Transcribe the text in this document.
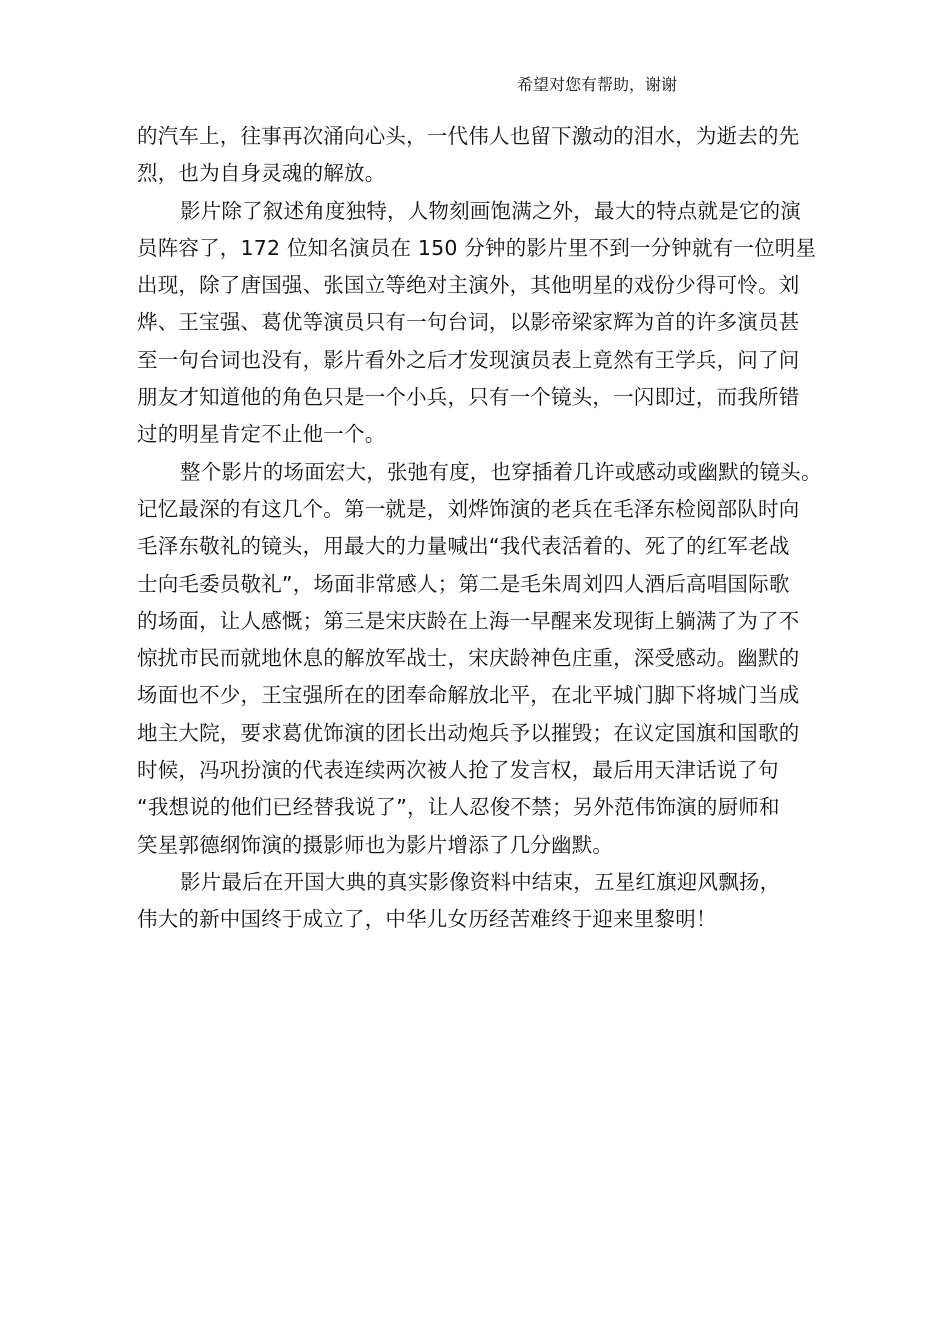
希望对您有帮助，谢谢
的汽车上，往事再次涌向心头，一代伟人也留下激动的泪水，为逝去的先
烈，也为自身灵魂的解放。
影片除了叙述角度独特，人物刻画饱满之外，最大的特点就是它的演
员阵容了，172 位知名演员在 150 分钟的影片里不到一分钟就有一位明星
出现，除了唐国强、张国立等绝对主演外，其他明星的戏份少得可怜。刘
烨、王宝强、葛优等演员只有一句台词，以影帝梁家辉为首的许多演员甚
至一句台词也没有，影片看外之后才发现演员表上竟然有王学兵，问了问
朋友才知道他的角色只是一个小兵，只有一个镜头，一闪即过，而我所错
过的明星肯定不止他一个。
整个影片的场面宏大，张弛有度，也穿插着几许或感动或幽默的镜头。
记忆最深的有这几个。第一就是，刘烨饰演的老兵在毛泽东检阅部队时向
毛泽东敬礼的镜头，用最大的力量喊出“我代表活着的、死了的红军老战
士向毛委员敬礼”，场面非常感人；第二是毛朱周刘四人酒后高唱国际歌
的场面，让人感慨；第三是宋庆龄在上海一早醒来发现街上躺满了为了不
惊扰市民而就地休息的解放军战士，宋庆龄神色庄重，深受感动。幽默的
场面也不少，王宝强所在的团奉命解放北平，在北平城门脚下将城门当成
地主大院，要求葛优饰演的团长出动炮兵予以摧毁；在议定国旗和国歌的
时候，冯巩扮演的代表连续两次被人抢了发言权，最后用天津话说了句
“我想说的他们已经替我说了”，让人忍俊不禁；另外范伟饰演的厨师和
笑星郭德纲饰演的摄影师也为影片增添了几分幽默。
影片最后在开国大典的真实影像资料中结束，五星红旗迎风飘扬，
伟大的新中国终于成立了，中华儿女历经苦难终于迎来里黎明！
